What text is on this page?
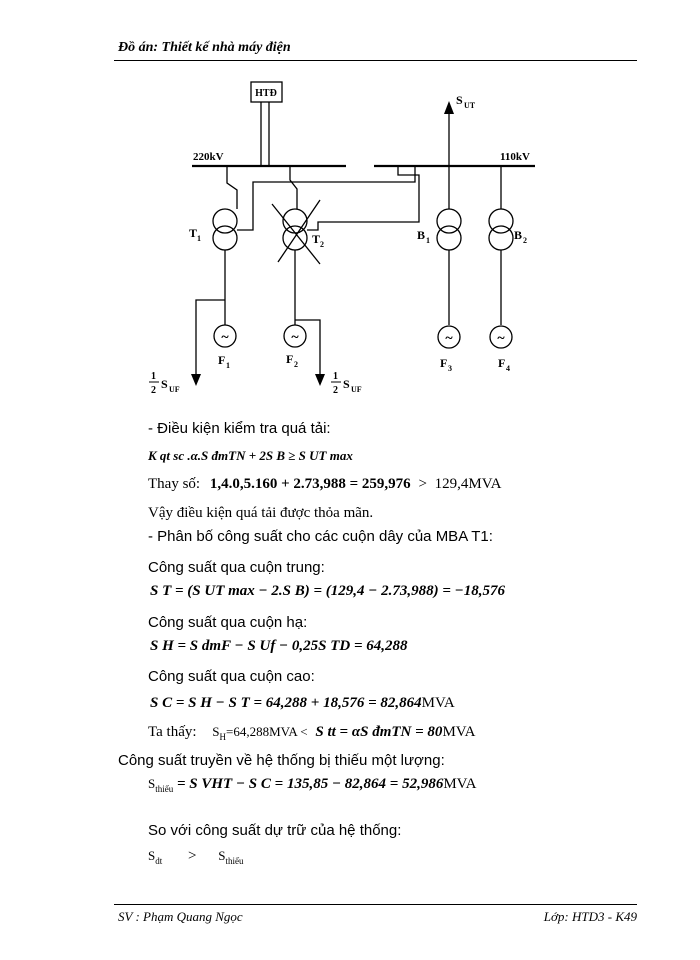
Đồ án: Thiết kế nhà máy điện
HTĐ	S UT
220kV	110kV
T 1	T 2
B 1	B 2
F 1	F 2	F 3	F 4
~	~	~	~
1
2 S UF
1
2 S UF
- Điều kiện kiểm tra quá tải:
K qt sc .α.S đmTN + 2S B ≥ S UT max
Thay số: 1,4.0,5.160 + 2.73,988 = 259,976 > 129,4MVA
Vậy điều kiện quá tải được thỏa mãn.
- Phân bố công suất cho các cuộn dây của MBA T1:
Công suất qua cuộn trung:
S T = (S UT max − 2.S B) = (129,4 − 2.73,988) = −18,576
Công suất qua cuộn hạ:
S H = S dmF − S Uf − 0,25S TD = 64,288
Công suất qua cuộn cao:
S C = S H − S T = 64,288 + 18,576 = 82,864MVA
Ta thấy: $S_H=64,288MVA < S$ tt = αS đmTN = 80MVA
Công suất truyền về hệ thống bị thiếu một lượng:
$S_{thiếu} = S$ VHT − S C = 135,85 − 82,864 = 52,986MVA
So với công suất dự trữ của hệ thống:
$S_{dt} > S_{thiếu}$
SV : Phạm Quang Ngọc	Lớp: HTD3 - K49
